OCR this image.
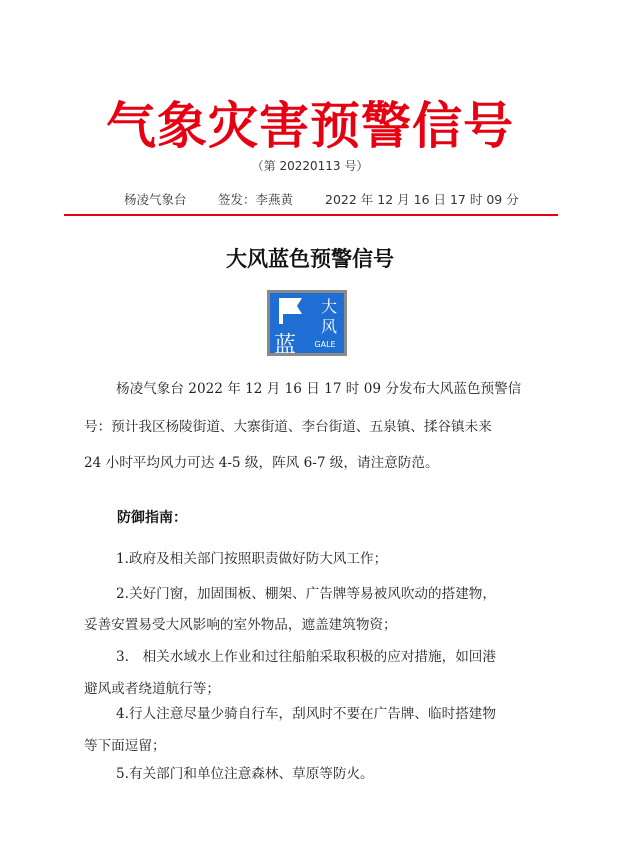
气象灾害预警信号
（第 20220113 号）
杨凌气象台	签发：李燕黄	2022 年 12 月 16 日 17 时 09 分
大风蓝色预警信号
大
风
蓝 GALE
杨凌气象台 2022 年 12 月 16 日 17 时 09 分发布大风蓝色预警信
号：预计我区杨陵街道、大寨街道、李台街道、五泉镇、揉谷镇未来
24 小时平均风力可达 4-5 级，阵风 6-7 级，请注意防范。
防御指南：
1.政府及相关部门按照职责做好防大风工作；
2.关好门窗，加固围板、棚架、广告牌等易被风吹动的搭建物，
妥善安置易受大风影响的室外物品，遮盖建筑物资；
3.　相关水域水上作业和过往船舶采取积极的应对措施，如回港
避风或者绕道航行等；
4.行人注意尽量少骑自行车，刮风时不要在广告牌、临时搭建物
等下面逗留；
5.有关部门和单位注意森林、草原等防火。
